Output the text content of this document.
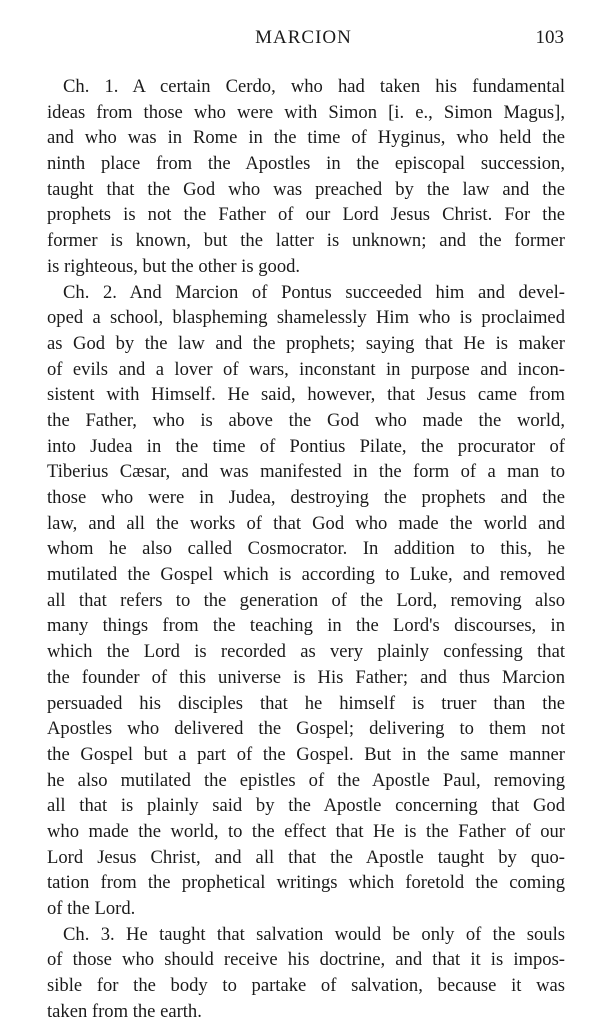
MARCION	103
Ch. 1. A certain Cerdo, who had taken his fundamental
ideas from those who were with Simon [i. e., Simon Magus],
and who was in Rome in the time of Hyginus, who held the
ninth place from the Apostles in the episcopal succession,
taught that the God who was preached by the law and the
prophets is not the Father of our Lord Jesus Christ. For the
former is known, but the latter is unknown; and the former
is righteous, but the other is good.
Ch. 2. And Marcion of Pontus succeeded him and devel-
oped a school, blaspheming shamelessly Him who is proclaimed
as God by the law and the prophets; saying that He is maker
of evils and a lover of wars, inconstant in purpose and incon-
sistent with Himself. He said, however, that Jesus came from
the Father, who is above the God who made the world,
into Judea in the time of Pontius Pilate, the procurator of
Tiberius Cæsar, and was manifested in the form of a man to
those who were in Judea, destroying the prophets and the
law, and all the works of that God who made the world and
whom he also called Cosmocrator. In addition to this, he
mutilated the Gospel which is according to Luke, and removed
all that refers to the generation of the Lord, removing also
many things from the teaching in the Lord's discourses, in
which the Lord is recorded as very plainly confessing that
the founder of this universe is His Father; and thus Marcion
persuaded his disciples that he himself is truer than the
Apostles who delivered the Gospel; delivering to them not
the Gospel but a part of the Gospel. But in the same manner
he also mutilated the epistles of the Apostle Paul, removing
all that is plainly said by the Apostle concerning that God
who made the world, to the effect that He is the Father of our
Lord Jesus Christ, and all that the Apostle taught by quo-
tation from the prophetical writings which foretold the coming
of the Lord.
Ch. 3. He taught that salvation would be only of the souls
of those who should receive his doctrine, and that it is impos-
sible for the body to partake of salvation, because it was
taken from the earth.
